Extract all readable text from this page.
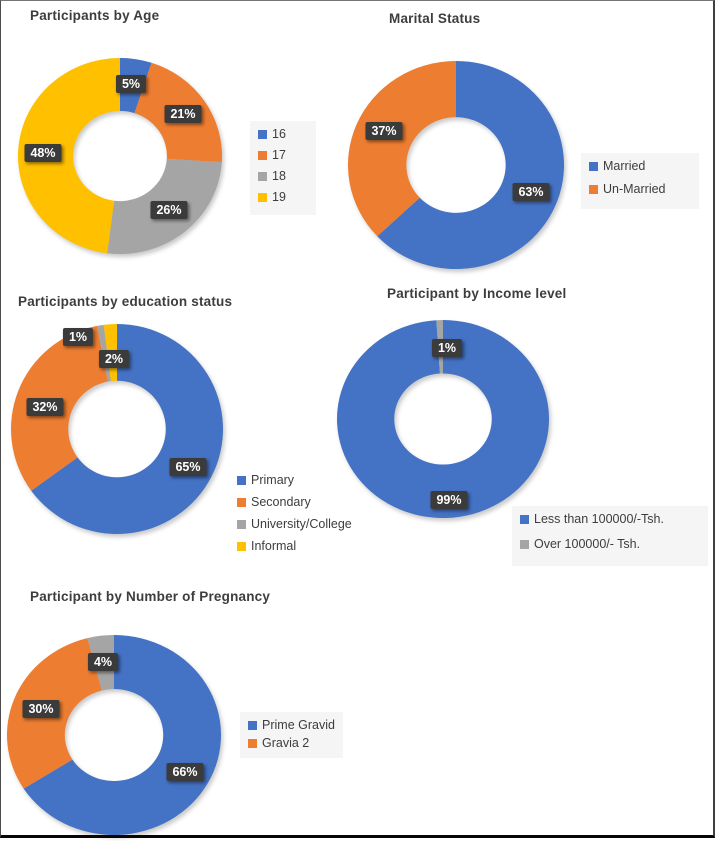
Participants by Age	Marital Status
Participants by education status
Participant by Income level
Participant by Number of Pregnancy
5%
21%
26%
48%
16
17
18
19	63%
37%
Married
Un-Married
65%
32%
1%
2%
Primary
Secondary
University/College
Informal
99%
1%
Less than 100000/-Tsh.
Over 100000/- Tsh.
66%
30%
4%
Prime Gravid
Gravia 2
